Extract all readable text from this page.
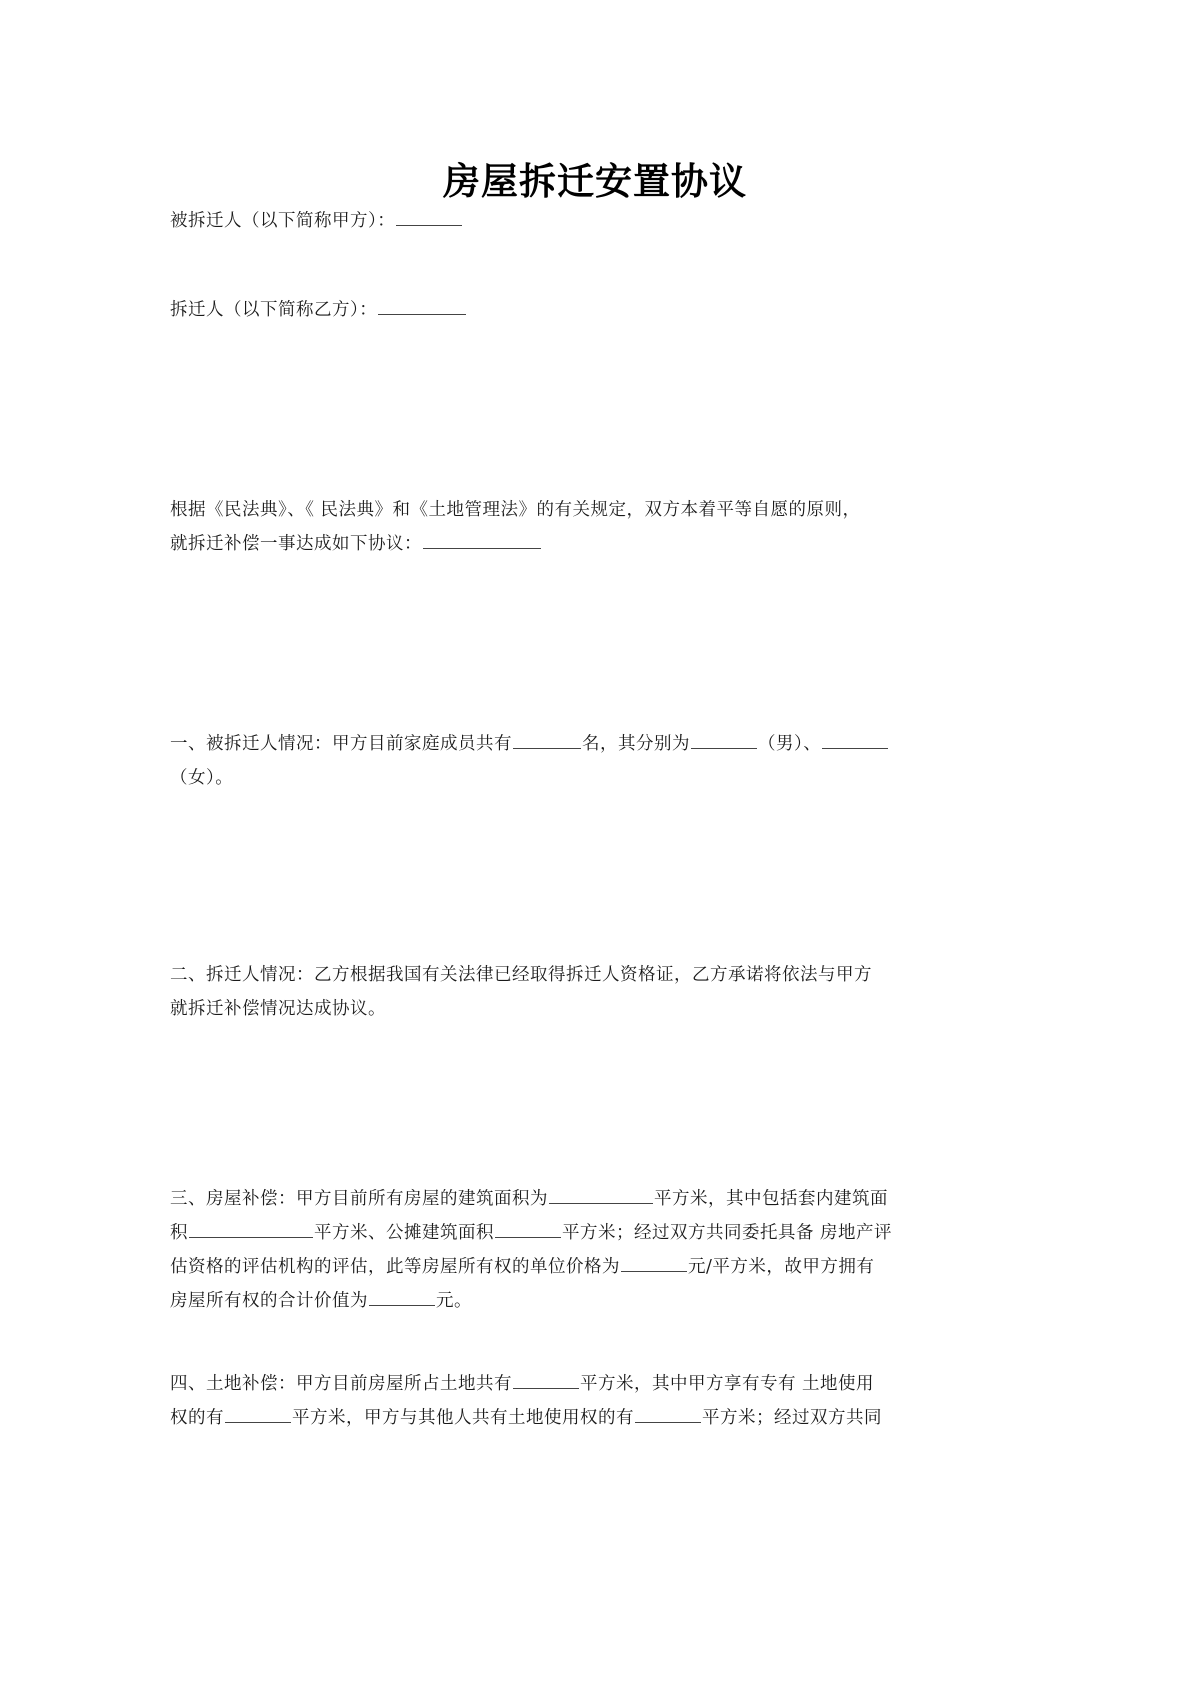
房屋拆迁安置协议
被拆迁人（以下简称甲方）：
拆迁人（以下简称乙方）：
根据《民法典》、《 民法典》和《土地管理法》的有关规定，双方本着平等自愿的原则，
就拆迁补偿一事达成如下协议：
一、被拆迁人情况：甲方目前家庭成员共有	名，其分别为	（男）、
（女）。
二、拆迁人情况：乙方根据我国有关法律已经取得拆迁人资格证，乙方承诺将依法与甲方
就拆迁补偿情况达成协议。
三、房屋补偿：甲方目前所有房屋的建筑面积为	平方米，其中包括套内建筑面
积	平方米、公摊建筑面积	平方米；经过双方共同委托具备 房地产评
估资格的评估机构的评估，此等房屋所有权的单位价格为	元/平方米，故甲方拥有
房屋所有权的合计价值为	元。
四、土地补偿：甲方目前房屋所占土地共有	平方米，其中甲方享有专有 土地使用
权的有	平方米，甲方与其他人共有土地使用权的有	平方米；经过双方共同
